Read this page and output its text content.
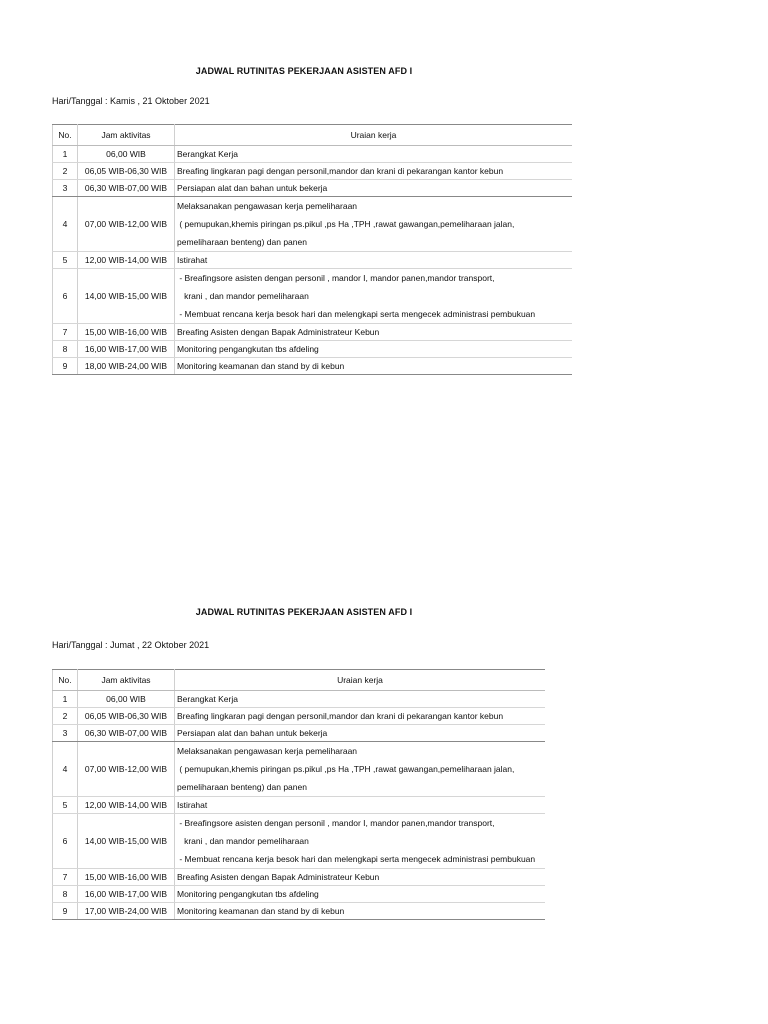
JADWAL RUTINITAS PEKERJAAN ASISTEN AFD I
Hari/Tanggal : Kamis , 21 Oktober 2021
No.	Jam aktivitas	Uraian kerja
1	06,00 WIB	Berangkat Kerja

2	06,05 WIB-06,30 WIB	Breafing lingkaran pagi dengan personil,mandor dan krani di pekarangan kantor kebun

3	06,30 WIB-07,00 WIB	Persiapan alat dan bahan untuk bekerja

4	07,00 WIB-12,00 WIB	Melaksanakan pengawasan kerja pemeliharaan
( pemupukan,khemis piringan ps.pikul ,ps Ha ,TPH ,rawat gawangan,pemeliharaan jalan,
pemeliharaan benteng) dan panen

5	12,00 WIB-14,00 WIB	Istirahat

6	14,00 WIB-15,00 WIB	- Breafingsore asisten dengan personil , mandor I, mandor panen,mandor transport,
krani , dan mandor pemeliharaan
- Membuat rencana kerja besok hari dan melengkapi serta mengecek administrasi pembukuan

7	15,00 WIB-16,00 WIB	Breafing Asisten dengan Bapak Administrateur Kebun

8	16,00 WIB-17,00 WIB	Monitoring pengangkutan tbs afdeling

9	18,00 WIB-24,00 WIB	Monitoring keamanan dan stand by di kebun
JADWAL RUTINITAS PEKERJAAN ASISTEN AFD I
Hari/Tanggal : Jumat , 22 Oktober 2021
No.	Jam aktivitas	Uraian kerja
1	06,00 WIB	Berangkat Kerja

2	06,05 WIB-06,30 WIB	Breafing lingkaran pagi dengan personil,mandor dan krani di pekarangan kantor kebun

3	06,30 WIB-07,00 WIB	Persiapan alat dan bahan untuk bekerja

4	07,00 WIB-12,00 WIB	Melaksanakan pengawasan kerja pemeliharaan
( pemupukan,khemis piringan ps.pikul ,ps Ha ,TPH ,rawat gawangan,pemeliharaan jalan,
pemeliharaan benteng) dan panen

5	12,00 WIB-14,00 WIB	Istirahat

6	14,00 WIB-15,00 WIB	- Breafingsore asisten dengan personil , mandor I, mandor panen,mandor transport,
krani , dan mandor pemeliharaan
- Membuat rencana kerja besok hari dan melengkapi serta mengecek administrasi pembukuan

7	15,00 WIB-16,00 WIB	Breafing Asisten dengan Bapak Administrateur Kebun

8	16,00 WIB-17,00 WIB	Monitoring pengangkutan tbs afdeling

9	17,00 WIB-24,00 WIB	Monitoring keamanan dan stand by di kebun
